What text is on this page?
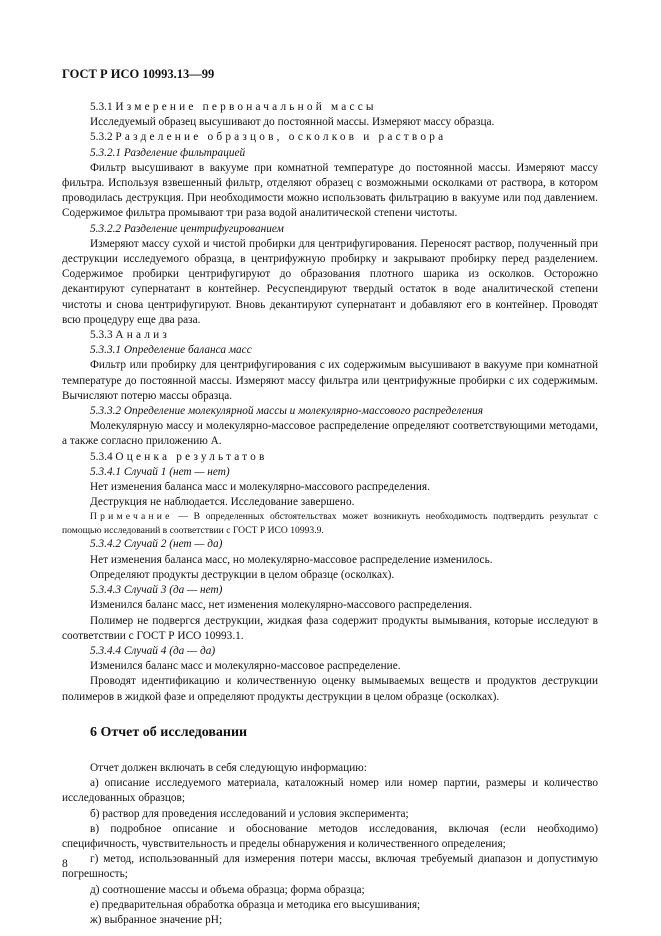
ГОСТ Р ИСО 10993.13—99

5.3.1 Измерение первоначальной массы

Исследуемый образец высушивают до постоянной массы. Измеряют массу образца.

5.3.2 Разделение образцов, осколков и раствора

5.3.2.1 Разделение фильтрацией

Фильтр высушивают в вакууме при комнатной температуре до постоянной массы. Измеряют массу фильтра. Используя взвешенный фильтр, отделяют образец с возможными осколками от раствора, в котором проводилась деструкция. При необходимости можно использовать фильтрацию в вакууме или под давлением. Содержимое фильтра промывают три раза водой аналитической степени чистоты.

5.3.2.2 Разделение центрифугированием

Измеряют массу сухой и чистой пробирки для центрифугирования. Переносят раствор, полученный при деструкции исследуемого образца, в центрифужную пробирку и закрывают пробирку перед разделением. Содержимое пробирки центрифугируют до образования плотного шарика из осколков. Осторожно декантируют супернатант в контейнер. Ресуспендируют твердый остаток в воде аналитической степени чистоты и снова центрифугируют. Вновь декантируют супернатант и добавляют его в контейнер. Проводят всю процедуру еще два раза.

5.3.3 Анализ

5.3.3.1 Определение баланса масс

Фильтр или пробирку для центрифугирования с их содержимым высушивают в вакууме при комнатной температуре до постоянной массы. Измеряют массу фильтра или центрифужные пробирки с их содержимым. Вычисляют потерю массы образца.

5.3.3.2 Определение молекулярной массы и молекулярно-массового распределения

Молекулярную массу и молекулярно-массовое распределение определяют соответствующими методами, а также согласно приложению А.

5.3.4 Оценка результатов

5.3.4.1 Случай 1 (нет — нет)

Нет изменения баланса масс и молекулярно-массового распределения.

Деструкция не наблюдается. Исследование завершено.

Примечание — В определенных обстоятельствах может возникнуть необходимость подтвердить результат с помощью исследований в соответствии с ГОСТ Р ИСО 10993.9.

5.3.4.2 Случай 2 (нет — да)

Нет изменения баланса масс, но молекулярно-массовое распределение изменилось.

Определяют продукты деструкции в целом образце (осколках).

5.3.4.3 Случай 3 (да — нет)

Изменился баланс масс, нет изменения молекулярно-массового распределения.

Полимер не подвергся деструкции, жидкая фаза содержит продукты вымывания, которые исследуют в соответствии с ГОСТ Р ИСО 10993.1.

5.3.4.4 Случай 4 (да — да)

Изменился баланс масс и молекулярно-массовое распределение.

Проводят идентификацию и количественную оценку вымываемых веществ и продуктов деструкции полимеров в жидкой фазе и определяют продукты деструкции в целом образце (осколках).

6 Отчет об исследовании

Отчет должен включать в себя следующую информацию:

а) описание исследуемого материала, каталожный номер или номер партии, размеры и количество исследованных образцов;

б) раствор для проведения исследований и условия эксперимента;

в) подробное описание и обоснование методов исследования, включая (если необходимо) специфичность, чувствительность и пределы обнаружения и количественного определения;

г) метод, использованный для измерения потери массы, включая требуемый диапазон и допустимую погрешность;

д) соотношение массы и объема образца; форма образца;

е) предварительная обработка образца и методика его высушивания;

ж) выбранное значение pH;

8
